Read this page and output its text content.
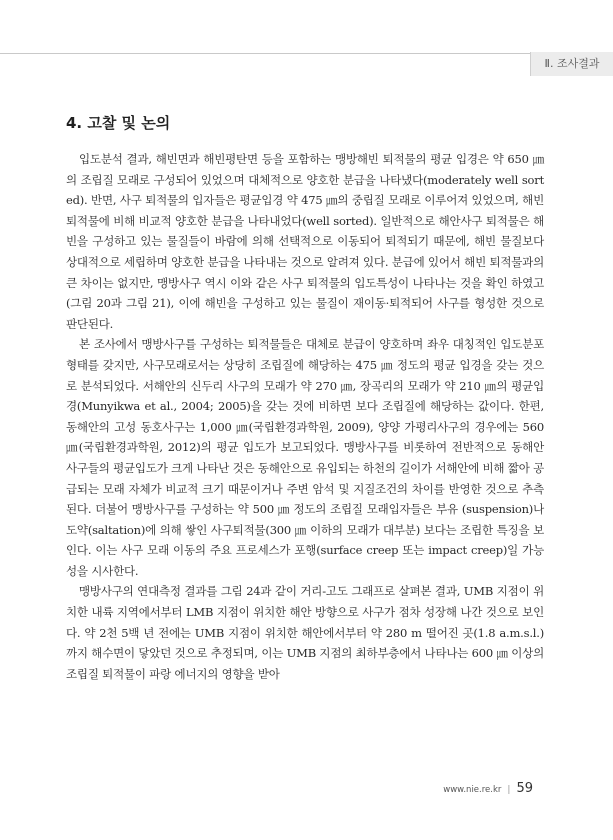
Ⅱ. 조사결과
4. 고찰 및 논의

입도분석 결과, 해빈면과 해빈평탄면 등을 포함하는 맹방해빈 퇴적물의 평균 입경은 약 650 ㎛의 조립질 모래로 구성되어 있었으며 대체적으로 양호한 분급을 나타냈다(moderately well sorted). 반면, 사구 퇴적물의 입자들은 평균입경 약 475 ㎛의 중립질 모래로 이루어져 있었으며, 해빈 퇴적물에 비해 비교적 양호한 분급을 나타내었다(well sorted). 일반적으로 해안사구 퇴적물은 해빈을 구성하고 있는 물질들이 바람에 의해 선택적으로 이동되어 퇴적되기 때문에, 해빈 물질보다 상대적으로 세립하며 양호한 분급을 나타내는 것으로 알려져 있다. 분급에 있어서 해빈 퇴적물과의 큰 차이는 없지만, 맹방사구 역시 이와 같은 사구 퇴적물의 입도특성이 나타나는 것을 확인 하였고(그림 20과 그림 21), 이에 해빈을 구성하고 있는 물질이 재이동·퇴적되어 사구를 형성한 것으로 판단된다.

본 조사에서 맹방사구를 구성하는 퇴적물들은 대체로 분급이 양호하며 좌우 대칭적인 입도분포형태를 갖지만, 사구모래로서는 상당히 조립질에 해당하는 475 ㎛ 정도의 평균 입경을 갖는 것으로 분석되었다. 서해안의 신두리 사구의 모래가 약 270 ㎛, 장곡리의 모래가 약 210 ㎛의 평균입경(Munyikwa et al., 2004; 2005)을 갖는 것에 비하면 보다 조립질에 해당하는 값이다. 한편, 동해안의 고성 동호사구는 1,000 ㎛(국립환경과학원, 2009), 양양 가평리사구의 경우에는 560 ㎛(국립환경과학원, 2012)의 평균 입도가 보고되었다. 맹방사구를 비롯하여 전반적으로 동해안 사구들의 평균입도가 크게 나타난 것은 동해안으로 유입되는 하천의 길이가 서해안에 비해 짧아 공급되는 모래 자체가 비교적 크기 때문이거나 주변 암석 및 지질조건의 차이를 반영한 것으로 추측된다. 더불어 맹방사구를 구성하는 약 500 ㎛ 정도의 조립질 모래입자들은 부유 (suspension)나 도약(saltation)에 의해 쌓인 사구퇴적물(300 ㎛ 이하의 모래가 대부분) 보다는 조립한 특징을 보인다. 이는 사구 모래 이동의 주요 프로세스가 포행(surface creep 또는 impact creep)일 가능성을 시사한다.

맹방사구의 연대측정 결과를 그림 24과 같이 거리-고도 그래프로 살펴본 결과, UMB 지점이 위치한 내륙 지역에서부터 LMB 지점이 위치한 해안 방향으로 사구가 점차 성장해 나간 것으로 보인다. 약 2천 5백 년 전에는 UMB 지점이 위치한 해안에서부터 약 280 m 떨어진 곳(1.8 a.m.s.l.)까지 해수면이 닿았던 것으로 추정되며, 이는 UMB 지점의 최하부층에서 나타나는 600 ㎛ 이상의 조립질 퇴적물이 파랑 에너지의 영향을 받아

www.nie.re.kr | 59
